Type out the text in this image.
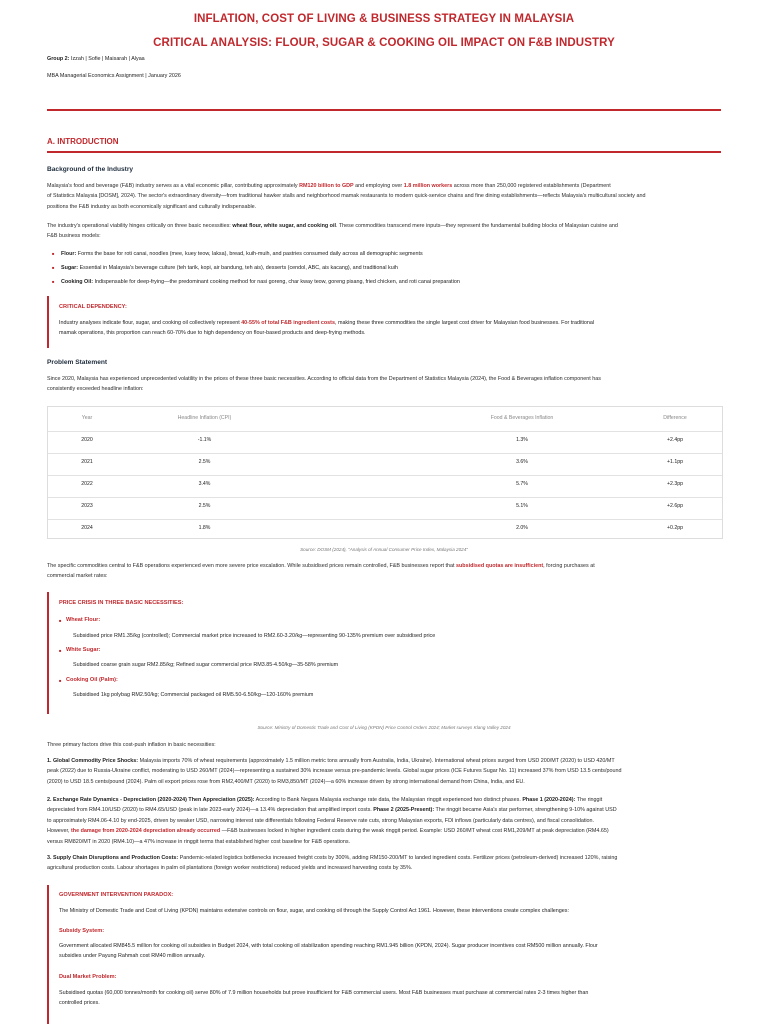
INFLATION, COST OF LIVING & BUSINESS STRATEGY IN MALAYSIA
CRITICAL ANALYSIS: FLOUR, SUGAR & COOKING OIL IMPACT ON F&B INDUSTRY
Group 2: Izzah | Sofie | Maisarah | Alyaa
MBA Managerial Economics Assignment | January 2026
A. INTRODUCTION
Background of the Industry
Malaysia's food and beverage (F&B) industry serves as a vital economic pillar, contributing approximately RM120 billion to GDP and employing over 1.8 million workers across more than 250,000 registered establishments (Department
of Statistics Malaysia [DOSM], 2024). The sector's extraordinary diversity—from traditional hawker stalls and neighborhood mamak restaurants to modern quick-service chains and fine dining establishments—reflects Malaysia's multicultural society and
positions the F&B industry as both economically significant and culturally indispensable.
The industry's operational viability hinges critically on three basic necessities: wheat flour, white sugar, and cooking oil. These commodities transcend mere inputs—they represent the fundamental building blocks of Malaysian cuisine and
F&B business models:
■ Flour: Forms the base for roti canai, noodles (mee, kuey teow, laksa), bread, kuih-muih, and pastries consumed daily across all demographic segments
■ Sugar: Essential in Malaysia's beverage culture (teh tarik, kopi, air bandung, teh ais), desserts (cendol, ABC, ais kacang), and traditional kuih
■ Cooking Oil: Indispensable for deep-frying—the predominant cooking method for nasi goreng, char kway teow, goreng pisang, fried chicken, and roti canai preparation
CRITICAL DEPENDENCY:
Industry analyses indicate flour, sugar, and cooking oil collectively represent 40-55% of total F&B ingredient costs, making these three commodities the single largest cost driver for Malaysian food businesses. For traditional
mamak operations, this proportion can reach 60-70% due to high dependency on flour-based products and deep-frying methods.
Problem Statement
Since 2020, Malaysia has experienced unprecedented volatility in the prices of these three basic necessities. According to official data from the Department of Statistics Malaysia (2024), the Food & Beverages inflation component has
consistently exceeded headline inflation:
Year	Headline Inflation (CPI)	Food & Beverages Inflation	Difference
2020	-1.1%	1.3%	+2.4pp
2021	2.5%	3.6%	+1.1pp
2022	3.4%	5.7%	+2.3pp
2023	2.5%	5.1%	+2.6pp
2024	1.8%	2.0%	+0.2pp
Source: DOSM (2024), "Analysis of Annual Consumer Price Index, Malaysia 2024"
The specific commodities central to F&B operations experienced even more severe price escalation. While subsidised prices remain controlled, F&B businesses report that subsidised quotas are insufficient, forcing purchases at
commercial market rates:
PRICE CRISIS IN THREE BASIC NECESSITIES:
■ Wheat Flour:
Subsidised price RM1.35/kg (controlled); Commercial market price increased to RM2.60-3.20/kg—representing 90-135% premium over subsidised price
■ White Sugar:
Subsidised coarse grain sugar RM2.85/kg; Refined sugar commercial price RM3.85-4.50/kg—35-58% premium
■ Cooking Oil (Palm):
Subsidised 1kg polybag RM2.50/kg; Commercial packaged oil RM5.50-6.50/kg—120-160% premium
Source: Ministry of Domestic Trade and Cost of Living (KPDN) Price Control Orders 2024; Market surveys Klang Valley 2024
Three primary factors drive this cost-push inflation in basic necessities:
1. Global Commodity Price Shocks: Malaysia imports 70% of wheat requirements (approximately 1.5 million metric tons annually from Australia, India, Ukraine). International wheat prices surged from USD 200/MT (2020) to USD 420/MT
peak (2022) due to Russia-Ukraine conflict, moderating to USD 260/MT (2024)—representing a sustained 30% increase versus pre-pandemic levels. Global sugar prices (ICE Futures Sugar No. 11) increased 37% from USD 13.5 cents/pound
(2020) to USD 18.5 cents/pound (2024). Palm oil export prices rose from RM2,400/MT (2020) to RM3,850/MT (2024)—a 60% increase driven by strong international demand from China, India, and EU.
2. Exchange Rate Dynamics - Depreciation (2020-2024) Then Appreciation (2025): According to Bank Negara Malaysia exchange rate data, the Malaysian ringgit experienced two distinct phases. Phase 1 (2020-2024): The ringgit
depreciated from RM4.10/USD (2020) to RM4.65/USD (peak in late 2023-early 2024)—a 13.4% depreciation that amplified import costs. Phase 2 (2025-Present): The ringgit became Asia's star performer, strengthening 9-10% against USD
to approximately RM4.06-4.10 by end-2025, driven by weaker USD, narrowing interest rate differentials following Federal Reserve rate cuts, strong Malaysian exports, FDI inflows (particularly data centres), and fiscal consolidation.
However, the damage from 2020-2024 depreciation already occurred —F&B businesses locked in higher ingredient costs during the weak ringgit period. Example: USD 260/MT wheat cost RM1,209/MT at peak depreciation (RM4.65)
versus RM820/MT in 2020 (RM4.10)—a 47% increase in ringgit terms that established higher cost baseline for F&B operations.
3. Supply Chain Disruptions and Production Costs: Pandemic-related logistics bottlenecks increased freight costs by 300%, adding RM150-200/MT to landed ingredient costs. Fertilizer prices (petroleum-derived) increased 120%, raising
agricultural production costs. Labour shortages in palm oil plantations (foreign worker restrictions) reduced yields and increased harvesting costs by 35%.
GOVERNMENT INTERVENTION PARADOX:
The Ministry of Domestic Trade and Cost of Living (KPDN) maintains extensive controls on flour, sugar, and cooking oil through the Supply Control Act 1961. However, these interventions create complex challenges:
Subsidy System:
Government allocated RM845.5 million for cooking oil subsidies in Budget 2024, with total cooking oil stabilization spending reaching RM1.945 billion (KPDN, 2024). Sugar producer incentives cost RM500 million annually. Flour
subsidies under Payung Rahmah cost RM40 million annually.
Dual Market Problem:
Subsidised quotas (60,000 tonnes/month for cooking oil) serve 80% of 7.9 million households but prove insufficient for F&B commercial users. Most F&B businesses must purchase at commercial rates 2-3 times higher than
controlled prices.
